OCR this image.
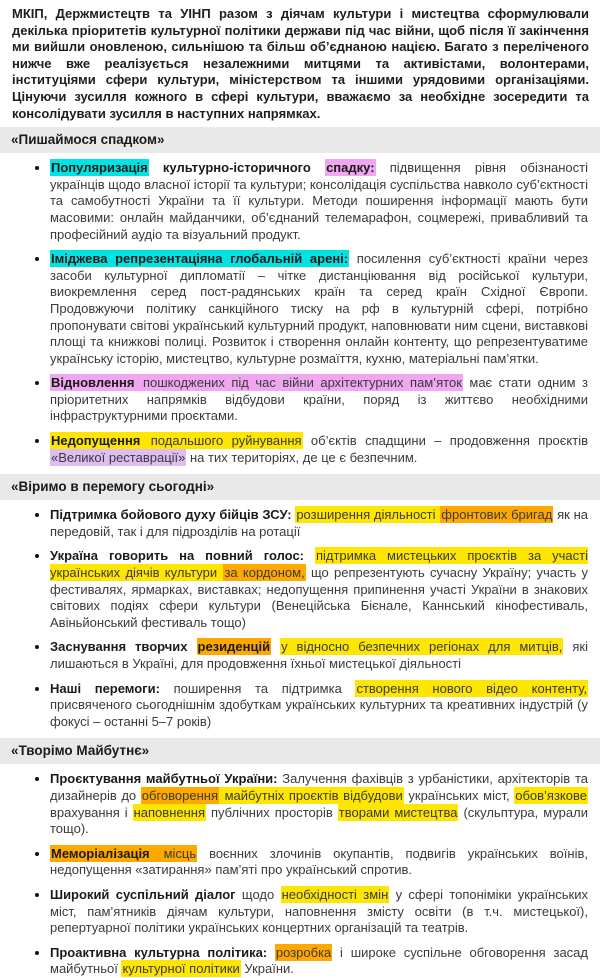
МКІП, Держмистецтв та УІНП разом з діячам культури і мистецтва сформулювали декілька пріоритетів культурної політики держави під час війни, щоб після її закінчення ми вийшли оновленою, сильнішою та більш об’єднаною нацією. Багато з переліченого нижче вже реалізується незалежними митцями та активістами, волонтерами, інституціями сфери культури, міністерством та іншими урядовими організаціями. Цінуючи зусилля кожного в сфері культури, вважаємо за необхідне зосередити та консолідувати зусилля в наступних напрямках.

«Пишаймося спадком»
• Популяризація культурно-історичного спадку: підвищення рівня обізнаності українців щодо власної історії та культури; консолідація суспільства навколо суб’єктності та самобутності України та її культури. Методи поширення інформації мають бути масовими: онлайн майданчики, об’єднаний телемарафон, соцмережі, привабливий та професійний аудіо та візуальний продукт.
• Іміджева репрезентаціяна глобальній арені: посилення суб’єктності країни через засоби культурної дипломатії – чітке дистанціювання від російської культури, виокремлення серед пост-радянських країн та серед країн Східної Європи. Продовжуючи політику санкційного тиску на рф в культурній сфері, потрібно пропонувати світові український культурний продукт, наповнювати ним сцени, виставкові площі та книжкові полиці. Розвиток і створення онлайн контенту, що репрезентуватиме українську історію, мистецтво, культурне розмаїття, кухню, матеріальні пам’ятки.
• Відновлення пошкоджених під час війни архітектурних пам’яток має стати одним з пріоритетних напрямків відбудови країни, поряд із життєво необхідними інфраструктурними проєктами.
• Недопущення подальшого руйнування об’єктів спадщини – продовження проєктів «Великої реставрації» на тих територіях, де це є безпечним.
«Віримо в перемогу сьогодні»
• Підтримка бойового духу бійців ЗСУ: розширення діяльності фронтових бригад як на передовій, так і для підрозділів на ротації
• Україна говорить на повний голос: підтримка мистецьких проєктів за участі українських діячів культури за кордоном, що репрезентують сучасну Україну; участь у фестивалях, ярмарках, виставках; недопущення припинення участі України в знакових світових подіях сфери культури (Венеційська Бієнале, Каннський кінофестиваль, Авіньйонський фестиваль тощо)
• Заснування творчих резиденцій у відносно безпечних регіонах для митців, які лишаються в Україні, для продовження їхньої мистецької діяльності
• Наші перемоги: поширення та підтримка створення нового відео контенту, присвяченого сьогоднішнім здобуткам українських культурних та креативних індустрій (у фокусі – останні 5–7 років)
«Творімо Майбутнє»
• Проєктування майбутньої України: Залучення фахівців з урбаністики, архітекторів та дизайнерів до обговорення майбутніх проєктів відбудови українських міст, обов’язкове врахування і наповнення публічних просторів творами мистецтва (скульптура, мурали тощо).
• Меморіалізація місць воєнних злочинів окупантів, подвигів українських воїнів, недопущення «затирання» пам’яті про український спротив.
• Широкий суспільний діалог щодо необхідності змін у сфері топоніміки українських міст, пам’ятників діячам культури, наповнення змісту освіти (в т.ч. мистецької), репертуарної політики українських концертних організацій та театрів.
• Проактивна культурна політика: розробка і широке суспільне обговорення засад майбутньої культурної політики України.
